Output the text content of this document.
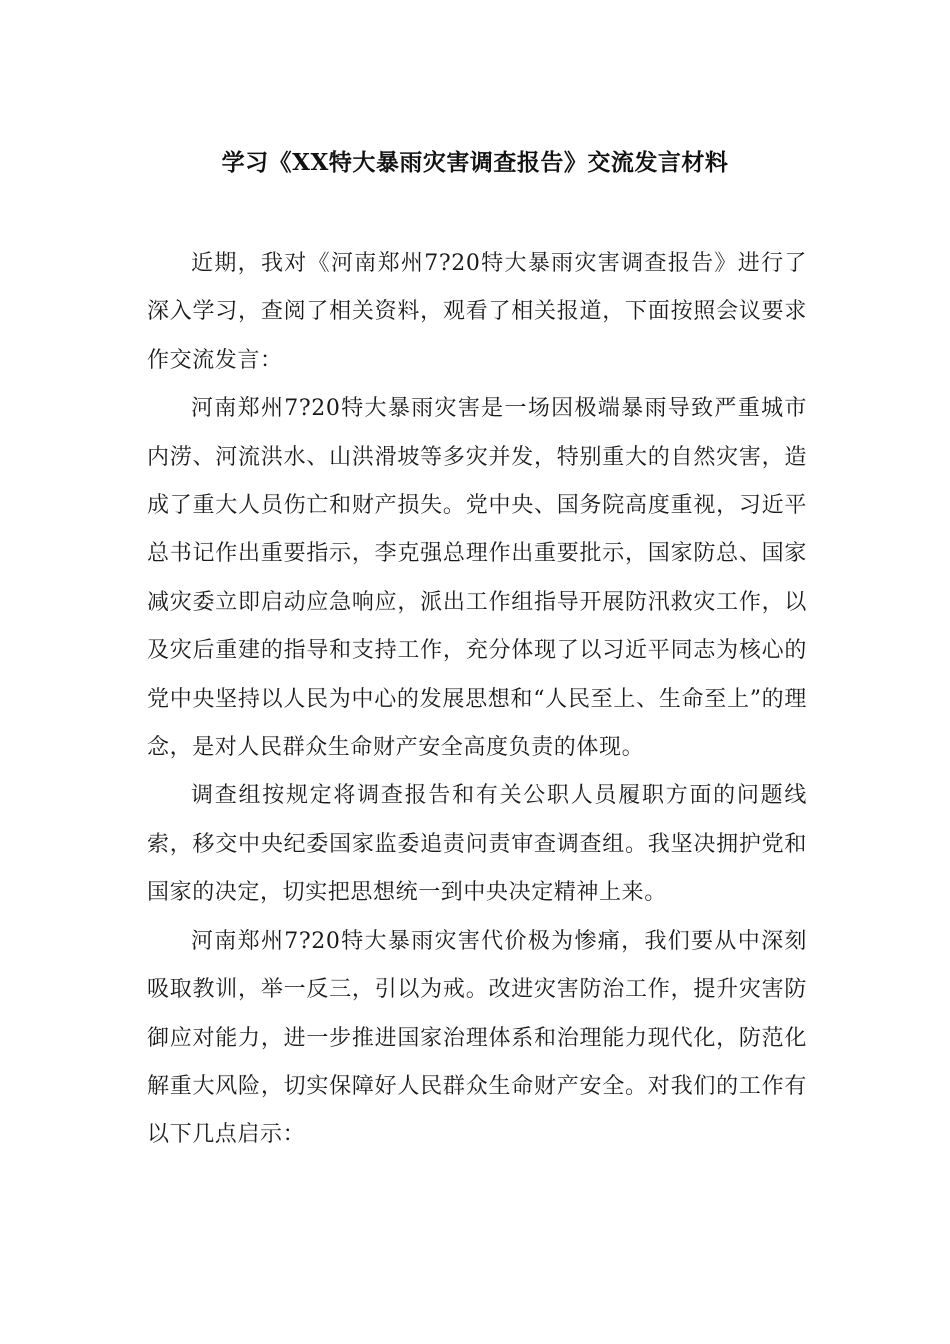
学习《XX特大暴雨灾害调查报告》交流发言材料

近期，我对《河南郑州7?20特大暴雨灾害调查报告》进行了深入学习，查阅了相关资料，观看了相关报道，下面按照会议要求作交流发言：

河南郑州7?20特大暴雨灾害是一场因极端暴雨导致严重城市内涝、河流洪水、山洪滑坡等多灾并发，特别重大的自然灾害，造成了重大人员伤亡和财产损失。党中央、国务院高度重视，习近平总书记作出重要指示，李克强总理作出重要批示，国家防总、国家减灾委立即启动应急响应，派出工作组指导开展防汛救灾工作，以及灾后重建的指导和支持工作，充分体现了以习近平同志为核心的党中央坚持以人民为中心的发展思想和“人民至上、生命至上”的理念，是对人民群众生命财产安全高度负责的体现。

调查组按规定将调查报告和有关公职人员履职方面的问题线索，移交中央纪委国家监委追责问责审查调查组。我坚决拥护党和国家的决定，切实把思想统一到中央决定精神上来。

河南郑州7?20特大暴雨灾害代价极为惨痛，我们要从中深刻吸取教训，举一反三，引以为戒。改进灾害防治工作，提升灾害防御应对能力，进一步推进国家治理体系和治理能力现代化，防范化解重大风险，切实保障好人民群众生命财产安全。对我们的工作有以下几点启示：
